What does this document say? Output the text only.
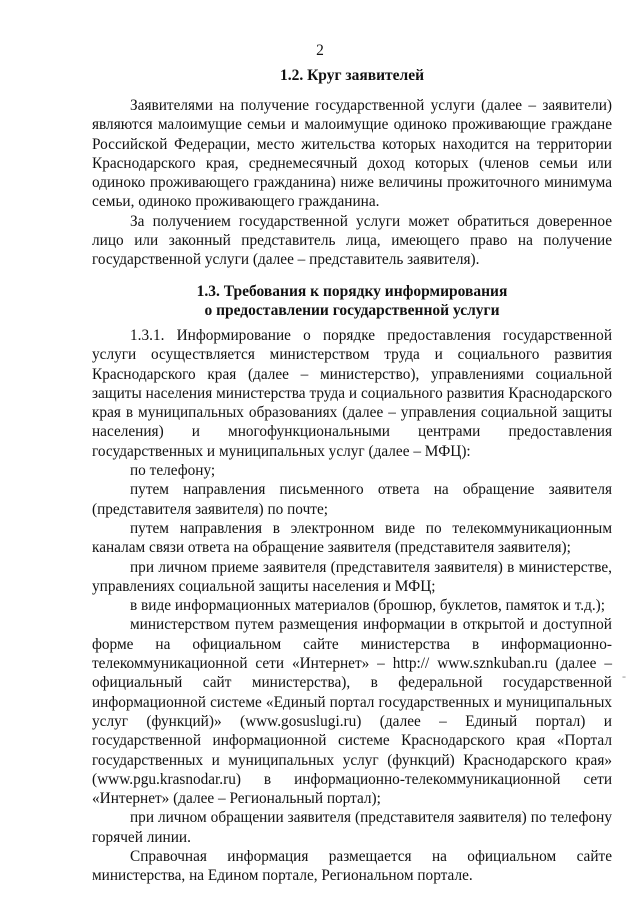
2
1.2. Круг заявителей

Заявителями на получение государственной услуги (далее – заявители) являются малоимущие семьи и малоимущие одиноко проживающие граждане Российской Федерации, место жительства которых находится на территории Краснодарского края, среднемесячный доход которых (членов семьи или одиноко проживающего гражданина) ниже величины прожиточного минимума семьи, одиноко проживающего гражданина.

За получением государственной услуги может обратиться доверенное лицо или законный представитель лица, имеющего право на получение государственной услуги (далее – представитель заявителя).

1.3. Требования к порядку информирования
о предоставлении государственной услуги

1.3.1. Информирование о порядке предоставления государственной услуги осуществляется министерством труда и социального развития Краснодарского края (далее – министерство), управлениями социальной защиты населения министерства труда и социального развития Краснодарского края в муниципальных образованиях (далее – управления социальной защиты населения) и многофункциональными центрами предоставления государственных и муниципальных услуг (далее – МФЦ):

по телефону;

путем направления письменного ответа на обращение заявителя (представителя заявителя) по почте;

путем направления в электронном виде по телекоммуникационным каналам связи ответа на обращение заявителя (представителя заявителя);

при личном приеме заявителя (представителя заявителя) в министерстве, управлениях социальной защиты населения и МФЦ;

в виде информационных материалов (брошюр, буклетов, памяток и т.д.);

министерством путем размещения информации в открытой и доступной форме на официальном сайте министерства в информационно-телекоммуникационной сети «Интернет» – http:// www.sznkuban.ru (далее – официальный сайт министерства), в федеральной государственной информационной системе «Единый портал государственных и муниципальных услуг (функций)» (www.gosuslugi.ru) (далее – Единый портал) и государственной информационной системе Краснодарского края «Портал государственных и муниципальных услуг (функций) Краснодарского края» (www.pgu.krasnodar.ru) в информационно-телекоммуникационной сети «Интернет» (далее – Региональный портал);

при личном обращении заявителя (представителя заявителя) по телефону горячей линии.

Справочная информация размещается на официальном сайте министерства, на Едином портале, Региональном портале.

-
